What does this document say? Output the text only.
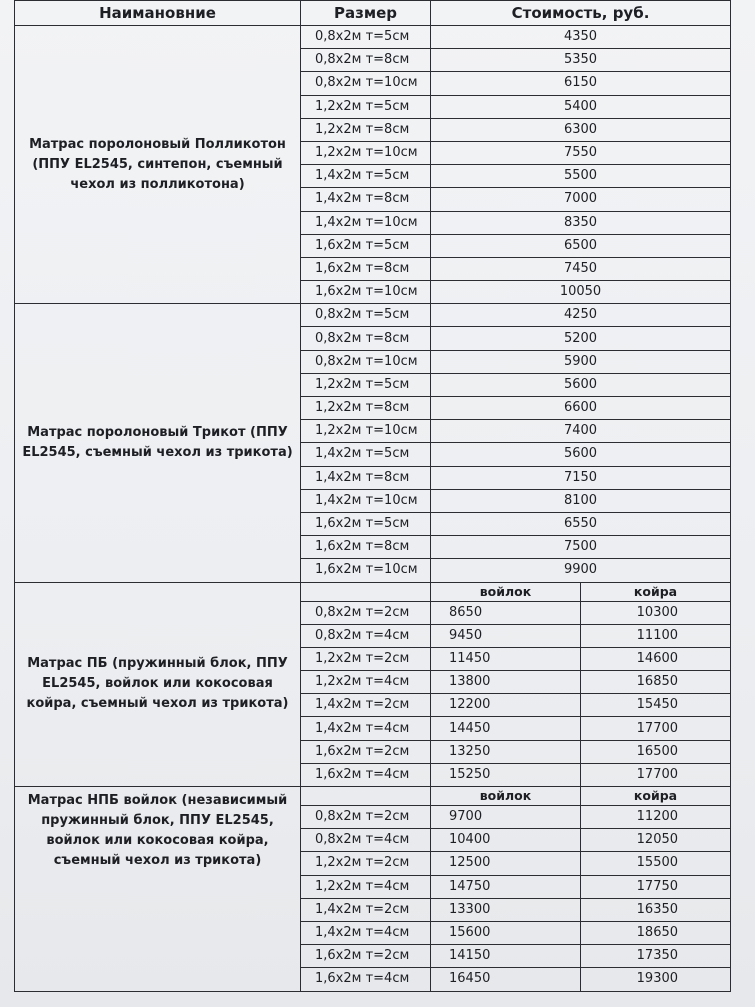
Наимановние	Размер	Стоимость, руб.	
Матрас поролоновый Полликотон (ППУ EL2545, синтепон, съемный чехол из полликотона)	0,8х2м т=5см	4350	
	0,8х2м т=8см	5350	
	0,8х2м т=10см	6150	
	1,2х2м т=5см	5400	
	1,2х2м т=8см	6300	
	1,2х2м т=10см	7550	
	1,4х2м т=5см	5500	
	1,4х2м т=8см	7000	
	1,4х2м т=10см	8350	
	1,6х2м т=5см	6500	
	1,6х2м т=8см	7450	
	1,6х2м т=10см	10050	
Матрас поролоновый Трикот (ППУ EL2545, съемный чехол из трикота)	0,8х2м т=5см	4250	
	0,8х2м т=8см	5200	
	0,8х2м т=10см	5900	
	1,2х2м т=5см	5600	
	1,2х2м т=8см	6600	
	1,2х2м т=10см	7400	
	1,4х2м т=5см	5600	
	1,4х2м т=8см	7150	
	1,4х2м т=10см	8100	
	1,6х2м т=5см	6550	
	1,6х2м т=8см	7500	
	1,6х2м т=10см	9900	
Матрас ПБ (пружинный блок, ППУ EL2545, войлок или кокосовая койра, съемный чехол из трикота)		войлок	койра
	0,8х2м т=2см	8650	10300
	0,8х2м т=4см	9450	11100
	1,2х2м т=2см	11450	14600
	1,2х2м т=4см	13800	16850
	1,4х2м т=2см	12200	15450
	1,4х2м т=4см	14450	17700
	1,6х2м т=2см	13250	16500
	1,6х2м т=4см	15250	17700
Матрас НПБ войлок (независимый пружинный блок, ППУ EL2545, войлок или кокосовая койра, съемный чехол из трикота)		войлок	койра
	0,8х2м т=2см	9700	11200
	0,8х2м т=4см	10400	12050
	1,2х2м т=2см	12500	15500
	1,2х2м т=4см	14750	17750
	1,4х2м т=2см	13300	16350
	1,4х2м т=4см	15600	18650
	1,6х2м т=2см	14150	17350
	1,6х2м т=4см	16450	19300
